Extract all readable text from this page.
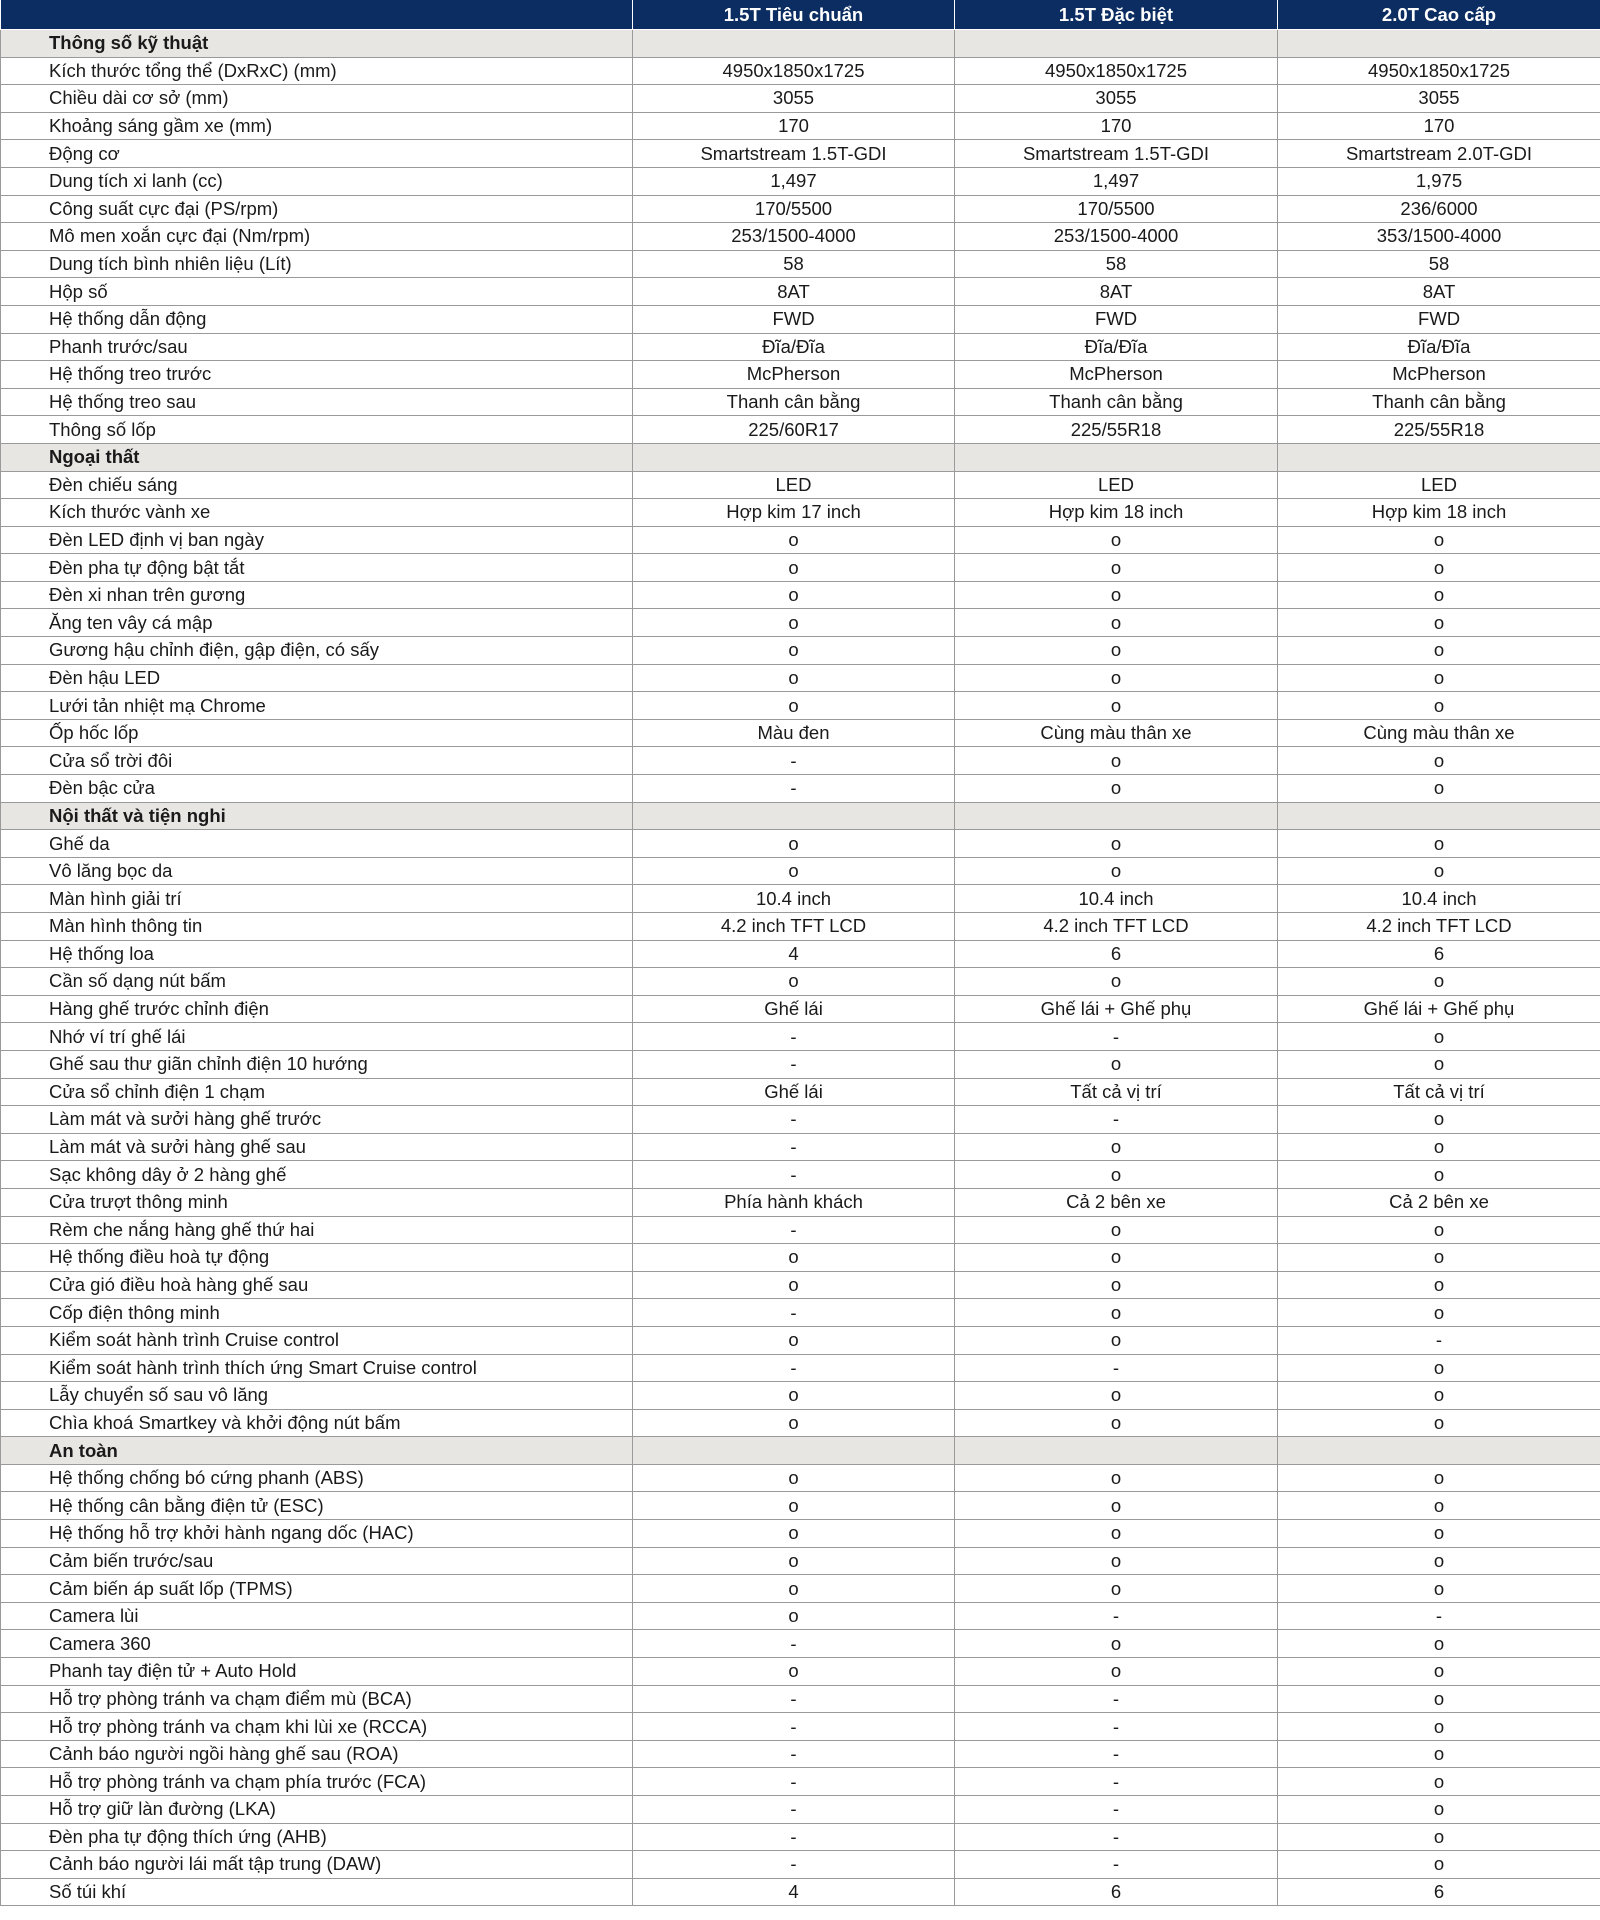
	1.5T Tiêu chuẩn	1.5T Đặc biệt	2.0T Cao cấp
Thông số kỹ thuật			
Kích thước tổng thể (DxRxC) (mm)	4950x1850x1725	4950x1850x1725	4950x1850x1725
Chiều dài cơ sở (mm)	3055	3055	3055
Khoảng sáng gầm xe (mm)	170	170	170
Động cơ	Smartstream 1.5T-GDI	Smartstream 1.5T-GDI	Smartstream 2.0T-GDI
Dung tích xi lanh (cc)	1,497	1,497	1,975
Công suất cực đại (PS/rpm)	170/5500	170/5500	236/6000
Mô men xoắn cực đại (Nm/rpm)	253/1500-4000	253/1500-4000	353/1500-4000
Dung tích bình nhiên liệu (Lít)	58	58	58
Hộp số	8AT	8AT	8AT
Hệ thống dẫn động	FWD	FWD	FWD
Phanh trước/sau	Đĩa/Đĩa	Đĩa/Đĩa	Đĩa/Đĩa
Hệ thống treo trước	McPherson	McPherson	McPherson
Hệ thống treo sau	Thanh cân bằng	Thanh cân bằng	Thanh cân bằng
Thông số lốp	225/60R17	225/55R18	225/55R18
Ngoại thất			
Đèn chiếu sáng	LED	LED	LED
Kích thước vành xe	Hợp kim 17 inch	Hợp kim 18 inch	Hợp kim 18 inch
Đèn LED định vị ban ngày	o	o	o
Đèn pha tự động bật tắt	o	o	o
Đèn xi nhan trên gương	o	o	o
Ăng ten vây cá mập	o	o	o
Gương hậu chỉnh điện, gập điện, có sấy	o	o	o
Đèn hậu LED	o	o	o
Lưới tản nhiệt mạ Chrome	o	o	o
Ốp hốc lốp	Màu đen	Cùng màu thân xe	Cùng màu thân xe
Cửa sổ trời đôi	-	o	o
Đèn bậc cửa	-	o	o
Nội thất và tiện nghi			
Ghế da	o	o	o
Vô lăng bọc da	o	o	o
Màn hình giải trí	10.4 inch	10.4 inch	10.4 inch
Màn hình thông tin	4.2 inch TFT LCD	4.2 inch TFT LCD	4.2 inch TFT LCD
Hệ thống loa	4	6	6
Cần số dạng nút bấm	o	o	o
Hàng ghế trước chỉnh điện	Ghế lái	Ghế lái + Ghế phụ	Ghế lái + Ghế phụ
Nhớ ví trí ghế lái	-	-	o
Ghế sau thư giãn chỉnh điện 10 hướng	-	o	o
Cửa sổ chỉnh điện 1 chạm	Ghế lái	Tất cả vị trí	Tất cả vị trí
Làm mát và sưởi hàng ghế trước	-	-	o
Làm mát và sưởi hàng ghế sau	-	o	o
Sạc không dây ở 2 hàng ghế	-	o	o
Cửa trượt thông minh	Phía hành khách	Cả 2 bên xe	Cả 2 bên xe
Rèm che nắng hàng ghế thứ hai	-	o	o
Hệ thống điều hoà tự động	o	o	o
Cửa gió điều hoà hàng ghế sau	o	o	o
Cốp điện thông minh	-	o	o
Kiểm soát hành trình Cruise control	o	o	-
Kiểm soát hành trình thích ứng Smart Cruise control	-	-	o
Lẫy chuyển số sau vô lăng	o	o	o
Chìa khoá Smartkey và khởi động nút bấm	o	o	o
An toàn			
Hệ thống chống bó cứng phanh (ABS)	o	o	o
Hệ thống cân bằng điện tử (ESC)	o	o	o
Hệ thống hỗ trợ khởi hành ngang dốc (HAC)	o	o	o
Cảm biến trước/sau	o	o	o
Cảm biến áp suất lốp (TPMS)	o	o	o
Camera lùi	o	-	-
Camera 360	-	o	o
Phanh tay điện tử + Auto Hold	o	o	o
Hỗ trợ phòng tránh va chạm điểm mù (BCA)	-	-	o
Hỗ trợ phòng tránh va chạm khi lùi xe (RCCA)	-	-	o
Cảnh báo người ngồi hàng ghế sau (ROA)	-	-	o
Hỗ trợ phòng tránh va chạm phía trước (FCA)	-	-	o
Hỗ trợ giữ làn đường (LKA)	-	-	o
Đèn pha tự động thích ứng (AHB)	-	-	o
Cảnh báo người lái mất tập trung (DAW)	-	-	o
Số túi khí	4	6	6
